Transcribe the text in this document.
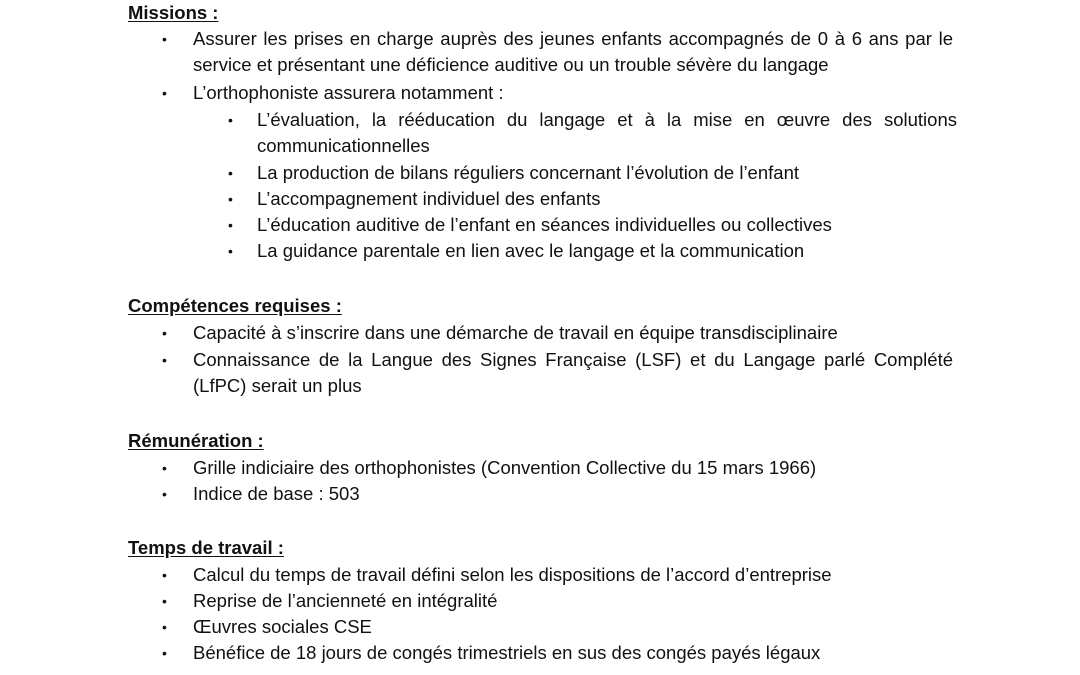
Missions :
• Assurer les prises en charge auprès des jeunes enfants accompagnés de 0 à 6 ans par le service et présentant une déficience auditive ou un trouble sévère du langage
• L’orthophoniste assurera notamment :
• L’évaluation, la rééducation du langage et à la mise en œuvre des solutions communicationnelles
• La production de bilans réguliers concernant l’évolution de l’enfant
• L’accompagnement individuel des enfants
• L’éducation auditive de l’enfant en séances individuelles ou collectives
• La guidance parentale en lien avec le langage et la communication
Compétences requises :
• Capacité à s’inscrire dans une démarche de travail en équipe transdisciplinaire
• Connaissance de la Langue des Signes Française (LSF) et du Langage parlé Complété (LfPC) serait un plus
Rémunération :
• Grille indiciaire des orthophonistes (Convention Collective du 15 mars 1966)
• Indice de base : 503
Temps de travail :
• Calcul du temps de travail défini selon les dispositions de l’accord d’entreprise
• Reprise de l’ancienneté en intégralité
• Œuvres sociales CSE
• Bénéfice de 18 jours de congés trimestriels en sus des congés payés légaux
